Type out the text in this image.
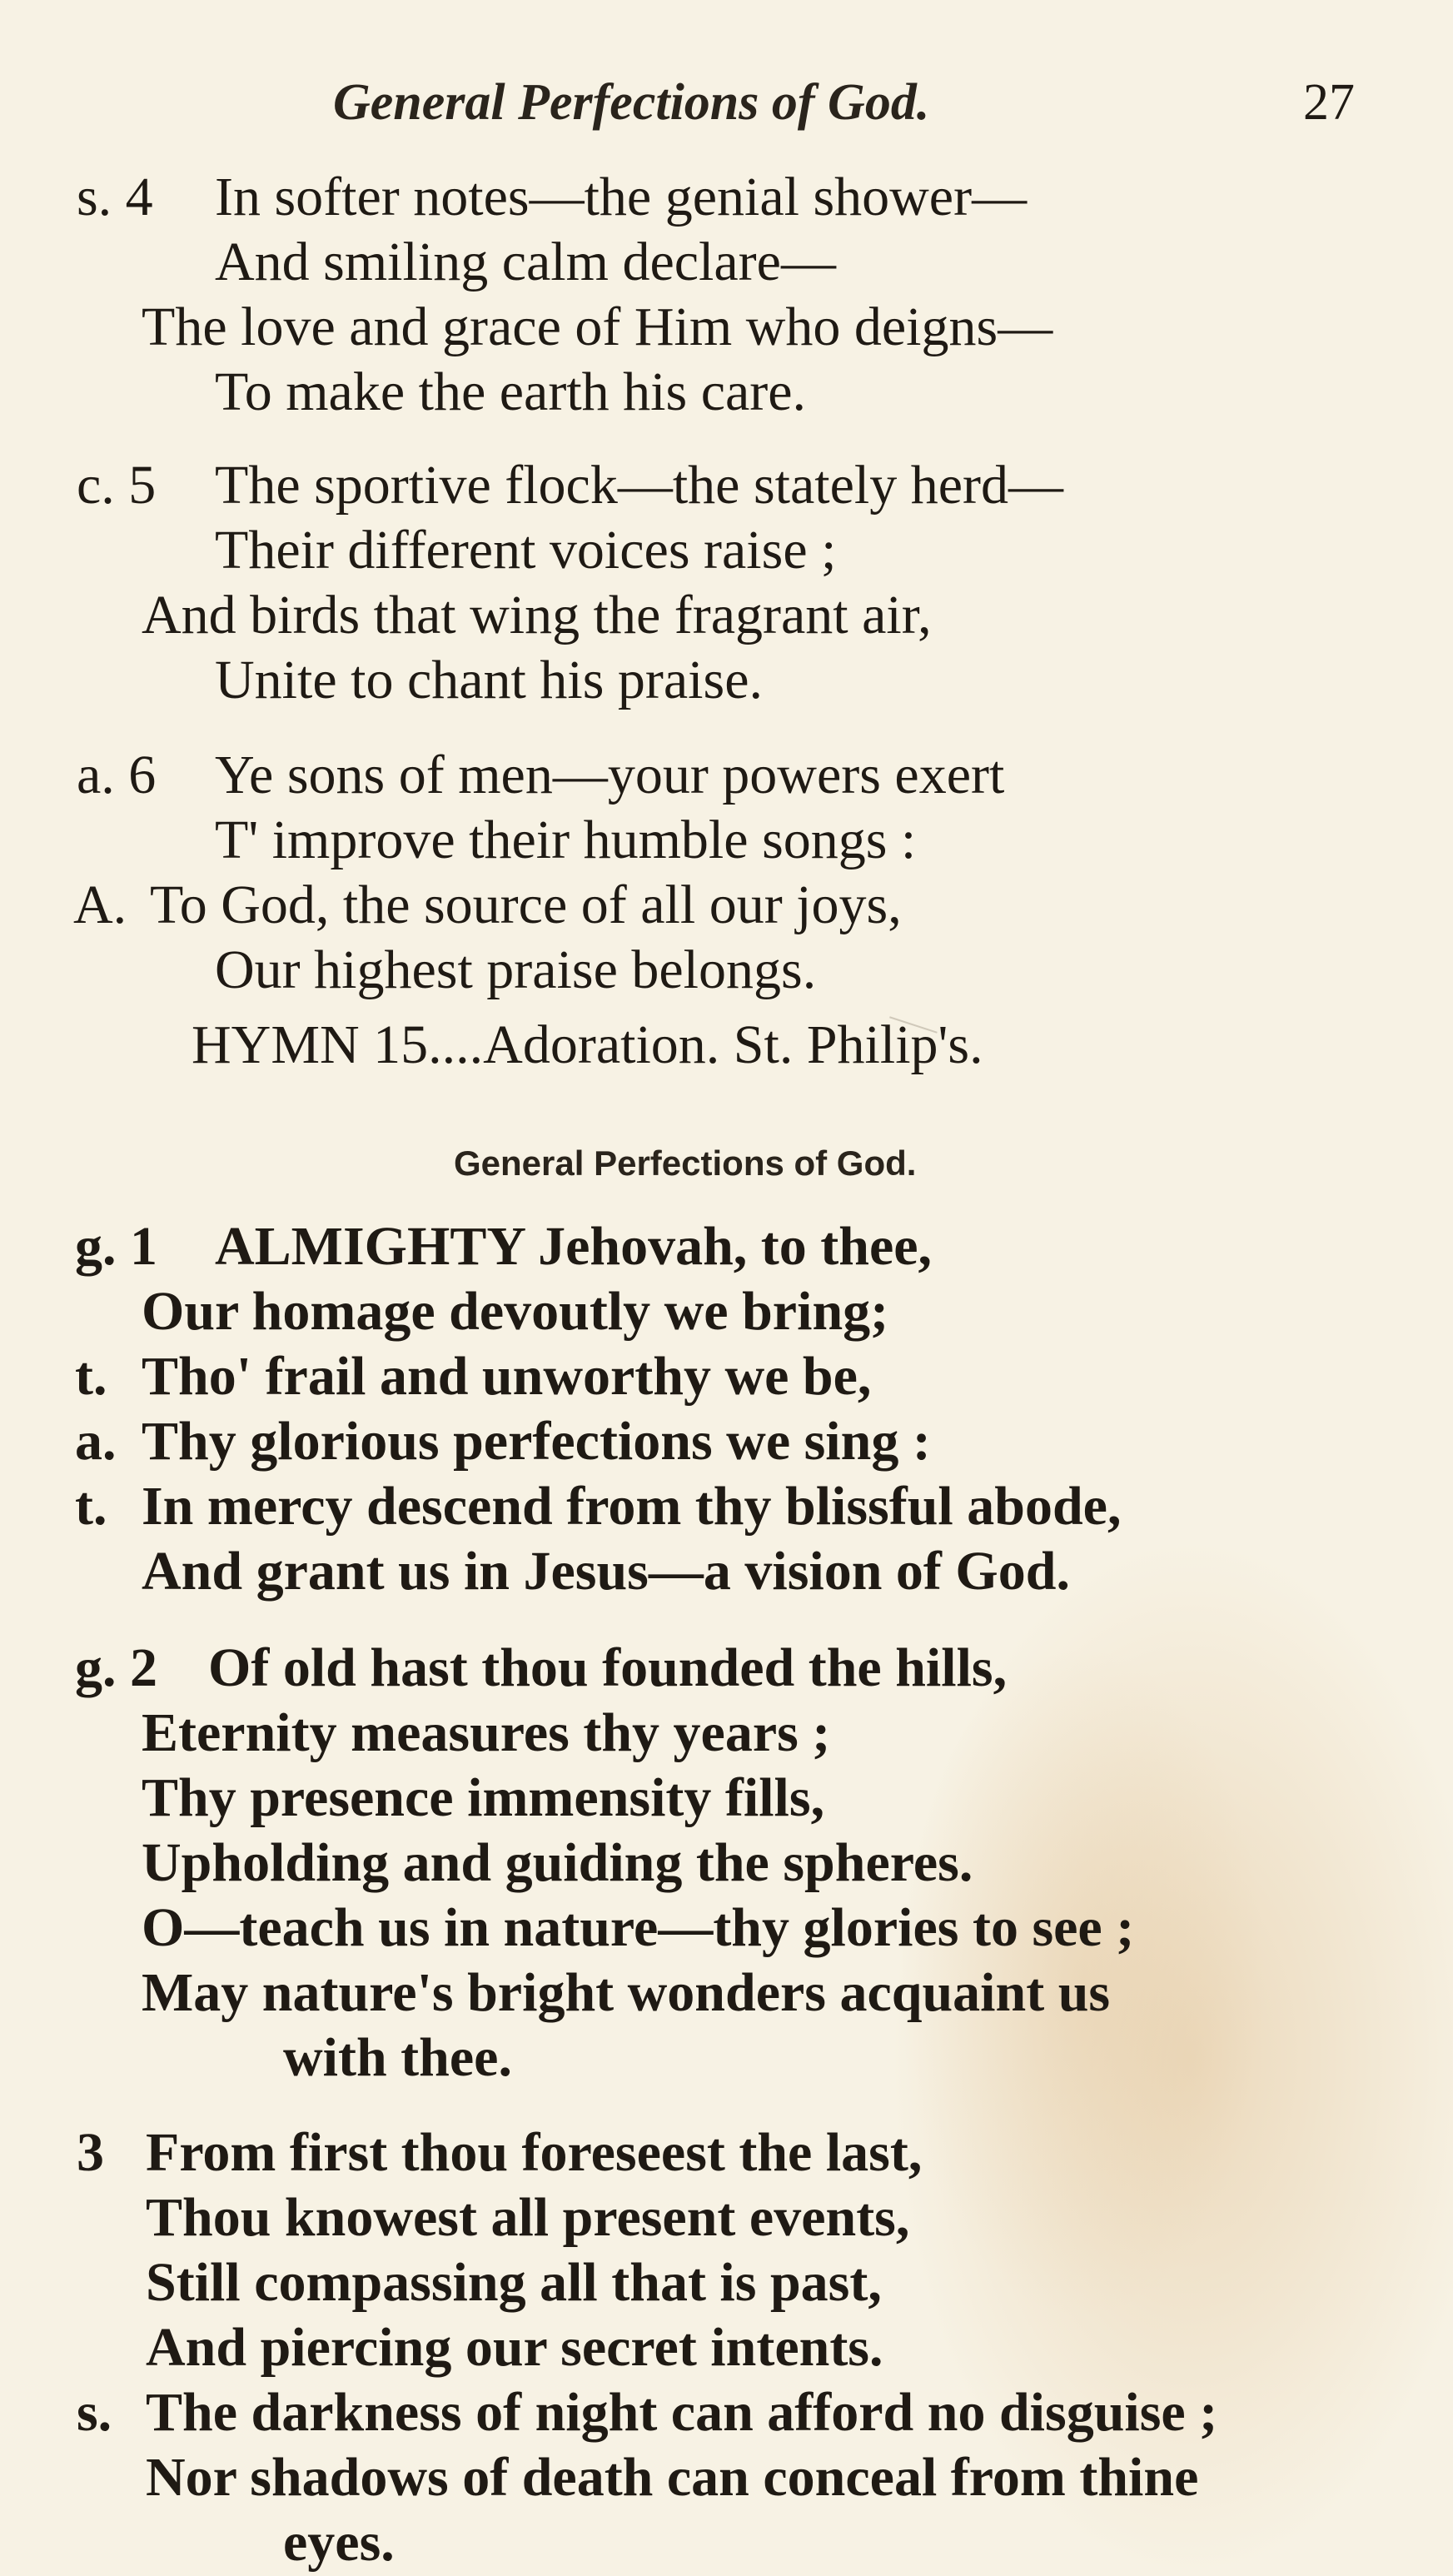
General Perfections of God.	27
s. 4 In softer notes—the genial shower—
And smiling calm declare—
The love and grace of Him who deigns—
To make the earth his care.
c. 5 The sportive flock—the stately herd—
Their different voices raise ;
And birds that wing the fragrant air,
Unite to chant his praise.
a. 6 Ye sons of men—your powers exert
T' improve their humble songs :
A. To God, the source of all our joys,
Our highest praise belongs.
HYMN 15....Adoration. St. Philip's.
General Perfections of God.
g. 1 ALMIGHTY Jehovah, to thee,
Our homage devoutly we bring;
t. Tho' frail and unworthy we be,
a. Thy glorious perfections we sing :
t. In mercy descend from thy blissful abode,
And grant us in Jesus—a vision of God.
g. 2 Of old hast thou founded the hills,
Eternity measures thy years ;
Thy presence immensity fills,
Upholding and guiding the spheres.
O—teach us in nature—thy glories to see ;
May nature's bright wonders acquaint us
with thee.
3 From first thou foreseest the last,
Thou knowest all present events,
Still compassing all that is past,
And piercing our secret intents.
s. The darkness of night can afford no disguise ;
Nor shadows of death can conceal from thine
eyes.
